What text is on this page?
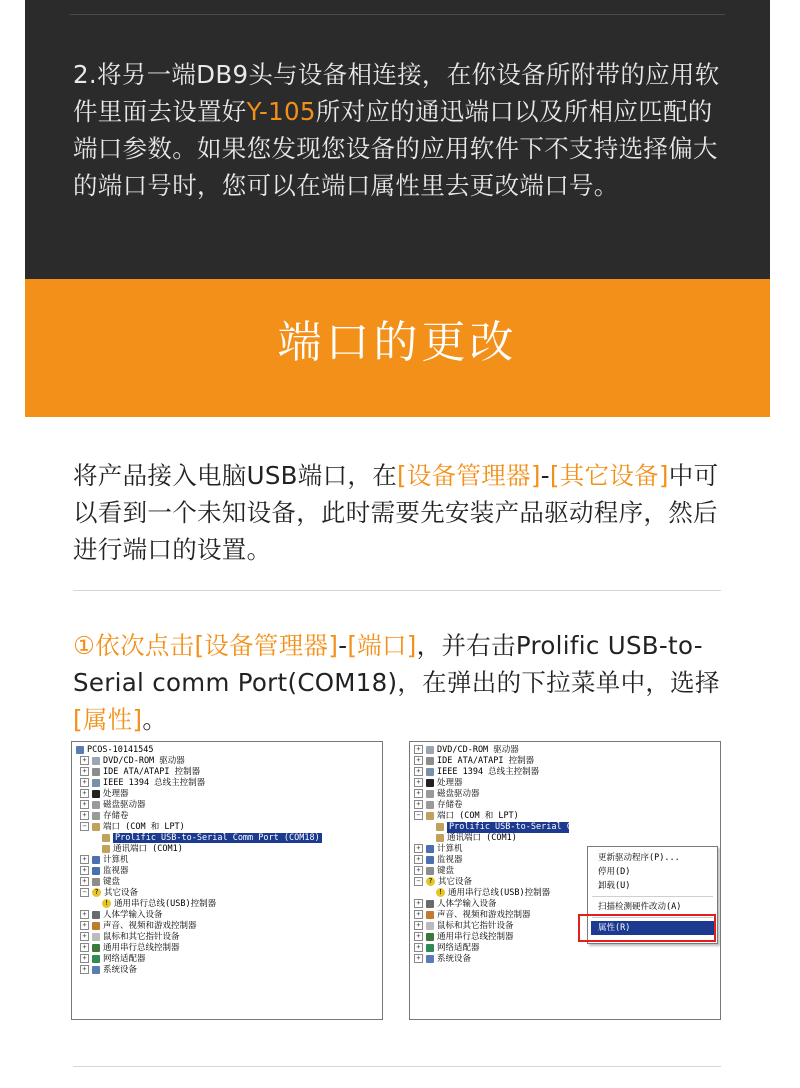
2.将另一端DB9头与设备相连接，在你设备所附带的应用软件里面去设置好Y-105所对应的通迅端口以及所相应匹配的端口参数。如果您发现您设备的应用软件下不支持选择偏大的端口号时，您可以在端口属性里去更改端口号。
端口的更改
将产品接入电脑USB端口，在[设备管理器]-[其它设备]中可以看到一个未知设备，此时需要先安装产品驱动程序，然后进行端口的设置。
①依次点击[设备管理器]-[端口]，并右击Prolific USB-to-Serial comm Port(COM18)，在弹出的下拉菜单中，选择[属性]。
PCOS-10141545
+ DVD/CD-ROM 驱动器
+ IDE ATA/ATAPI 控制器
+ IEEE 1394 总线主控制器
+ 处理器
+ 磁盘驱动器
+ 存储卷
− 端口 (COM 和 LPT)
Prolific USB-to-Serial Comm Port (COM18)
通讯端口 (COM1)
+ 计算机
+ 监视器
+ 键盘
− ? 其它设备
! 通用串行总线(USB)控制器
+ 人体学输入设备
+ 声音、视频和游戏控制器
+ 鼠标和其它指针设备
+ 通用串行总线控制器
+ 网络适配器
+ 系统设备
+ DVD/CD-ROM 驱动器
+ IDE ATA/ATAPI 控制器
+ IEEE 1394 总线主控制器
+ 处理器
+ 磁盘驱动器
+ 存储卷
− 端口 (COM 和 LPT)
Prolific USB-to-Serial C
通讯端口 (COM1)
+ 计算机
+ 监视器
+ 键盘
− ? 其它设备
! 通用串行总线(USB)控制器
+ 人体学输入设备
+ 声音、视频和游戏控制器
+ 鼠标和其它指针设备
+ 通用串行总线控制器
+ 网络适配器
+ 系统设备
更新驱动程序(P)...
停用(D)
卸载(U)
扫描检测硬件改动(A)
属性(R)
